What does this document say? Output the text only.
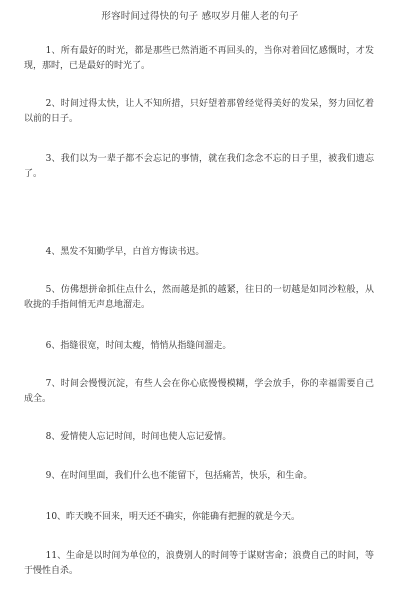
形容时间过得快的句子 感叹岁月催人老的句子

1、所有最好的时光，都是那些已然消逝不再回头的，当你对着回忆感慨时，才发现，那时，已是最好的时光了。

2、时间过得太快，让人不知所措，只好望着那曾经觉得美好的发呆，努力回忆着以前的日子。

3、我们以为一辈子都不会忘记的事情，就在我们念念不忘的日子里，被我们遗忘了。

4、黑发不知勤学早，白首方悔读书迟。

5、仿佛想拼命抓住点什么，然而越是抓的越紧，往日的一切越是如同沙粒般，从收拢的手指间悄无声息地溜走。

6、指缝很宽，时间太瘦，悄悄从指缝间溜走。

7、时间会慢慢沉淀，有些人会在你心底慢慢模糊，学会放手，你的幸福需要自己成全。

8、爱情使人忘记时间，时间也使人忘记爱情。

9、在时间里面，我们什么也不能留下，包括痛苦，快乐，和生命。

10、昨天晚不回来，明天还不确实，你能确有把握的就是今天。

11、生命是以时间为单位的，浪费别人的时间等于谋财害命；浪费自己的时间，等于慢性自杀。
